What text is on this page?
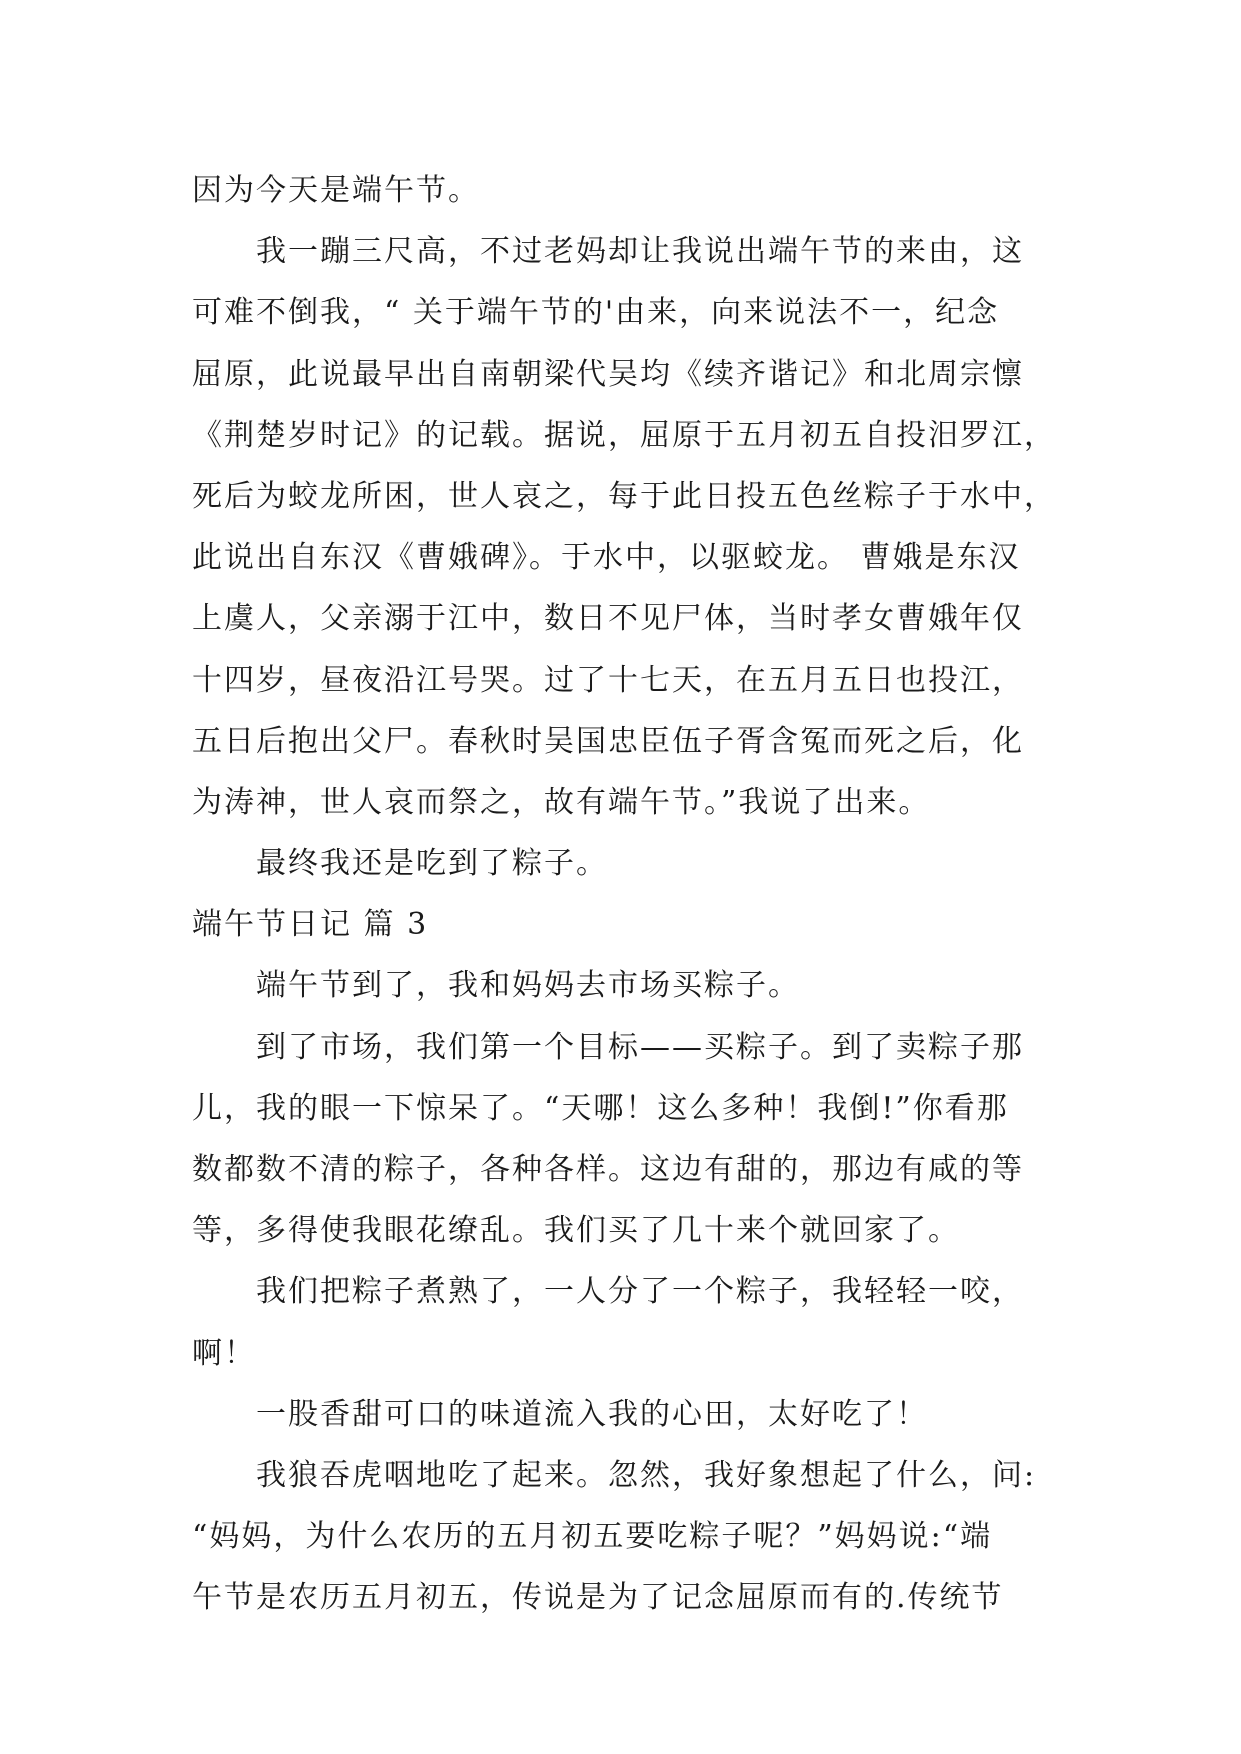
因为今天是端午节。
我一蹦三尺高，不过老妈却让我说出端午节的来由，这
可难不倒我，“ 关于端午节的'由来，向来说法不一，纪念
屈原，此说最早出自南朝梁代吴均《续齐谐记》和北周宗懔
《荆楚岁时记》的记载。据说，屈原于五月初五自投汨罗江，
死后为蛟龙所困，世人哀之，每于此日投五色丝粽子于水中，
此说出自东汉《曹娥碑》。于水中，以驱蛟龙。 曹娥是东汉
上虞人，父亲溺于江中，数日不见尸体，当时孝女曹娥年仅
十四岁，昼夜沿江号哭。过了十七天，在五月五日也投江，
五日后抱出父尸。春秋时吴国忠臣伍子胥含冤而死之后，化
为涛神，世人哀而祭之，故有端午节。”我说了出来。
最终我还是吃到了粽子。
端午节日记 篇 3
端午节到了，我和妈妈去市场买粽子。
到了市场，我们第一个目标——买粽子。到了卖粽子那
儿，我的眼一下惊呆了。“天哪！这么多种！我倒!”你看那
数都数不清的粽子，各种各样。这边有甜的，那边有咸的等
等，多得使我眼花缭乱。我们买了几十来个就回家了。
我们把粽子煮熟了，一人分了一个粽子，我轻轻一咬，
啊！
一股香甜可口的味道流入我的心田，太好吃了！
我狼吞虎咽地吃了起来。忽然，我好象想起了什么，问:
“妈妈，为什么农历的五月初五要吃粽子呢？”妈妈说:“端
午节是农历五月初五，传说是为了记念屈原而有的.传统节
